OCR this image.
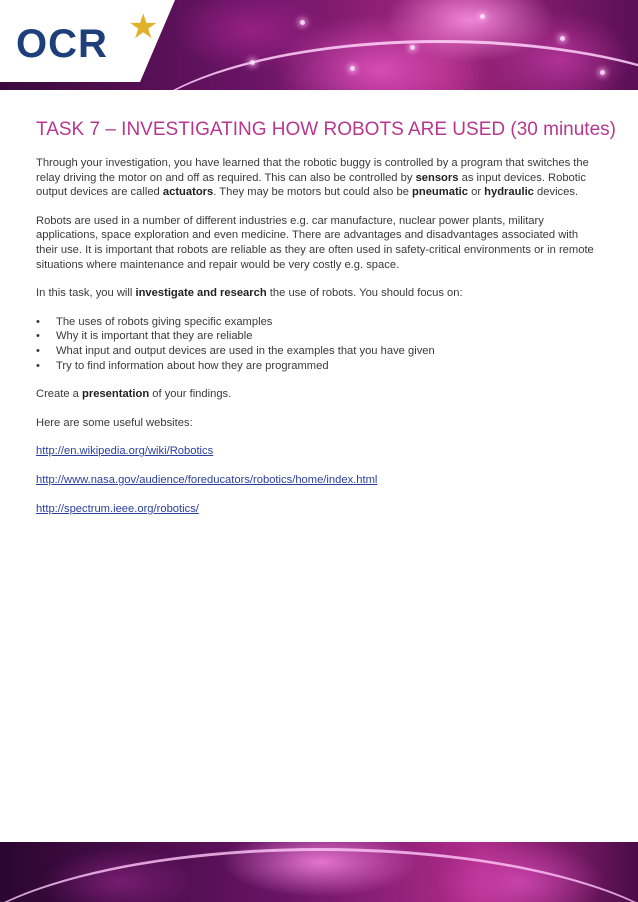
OCR ★
TASK 7 – INVESTIGATING HOW ROBOTS ARE USED (30 minutes)

Through your investigation, you have learned that the robotic buggy is controlled by a program that switches the relay driving the motor on and off as required. This can also be controlled by sensors as input devices. Robotic output devices are called actuators. They may be motors but could also be pneumatic or hydraulic devices.

Robots are used in a number of different industries e.g. car manufacture, nuclear power plants, military applications, space exploration and even medicine. There are advantages and disadvantages associated with their use. It is important that robots are reliable as they are often used in safety-critical environments or in remote situations where maintenance and repair would be very costly e.g. space.

In this task, you will investigate and research the use of robots. You should focus on:

• The uses of robots giving specific examples
• Why it is important that they are reliable
• What input and output devices are used in the examples that you have given
• Try to find information about how they are programmed

Create a presentation of your findings.

Here are some useful websites:

http://en.wikipedia.org/wiki/Robotics
http://www.nasa.gov/audience/foreducators/robotics/home/index.html
http://spectrum.ieee.org/robotics/
